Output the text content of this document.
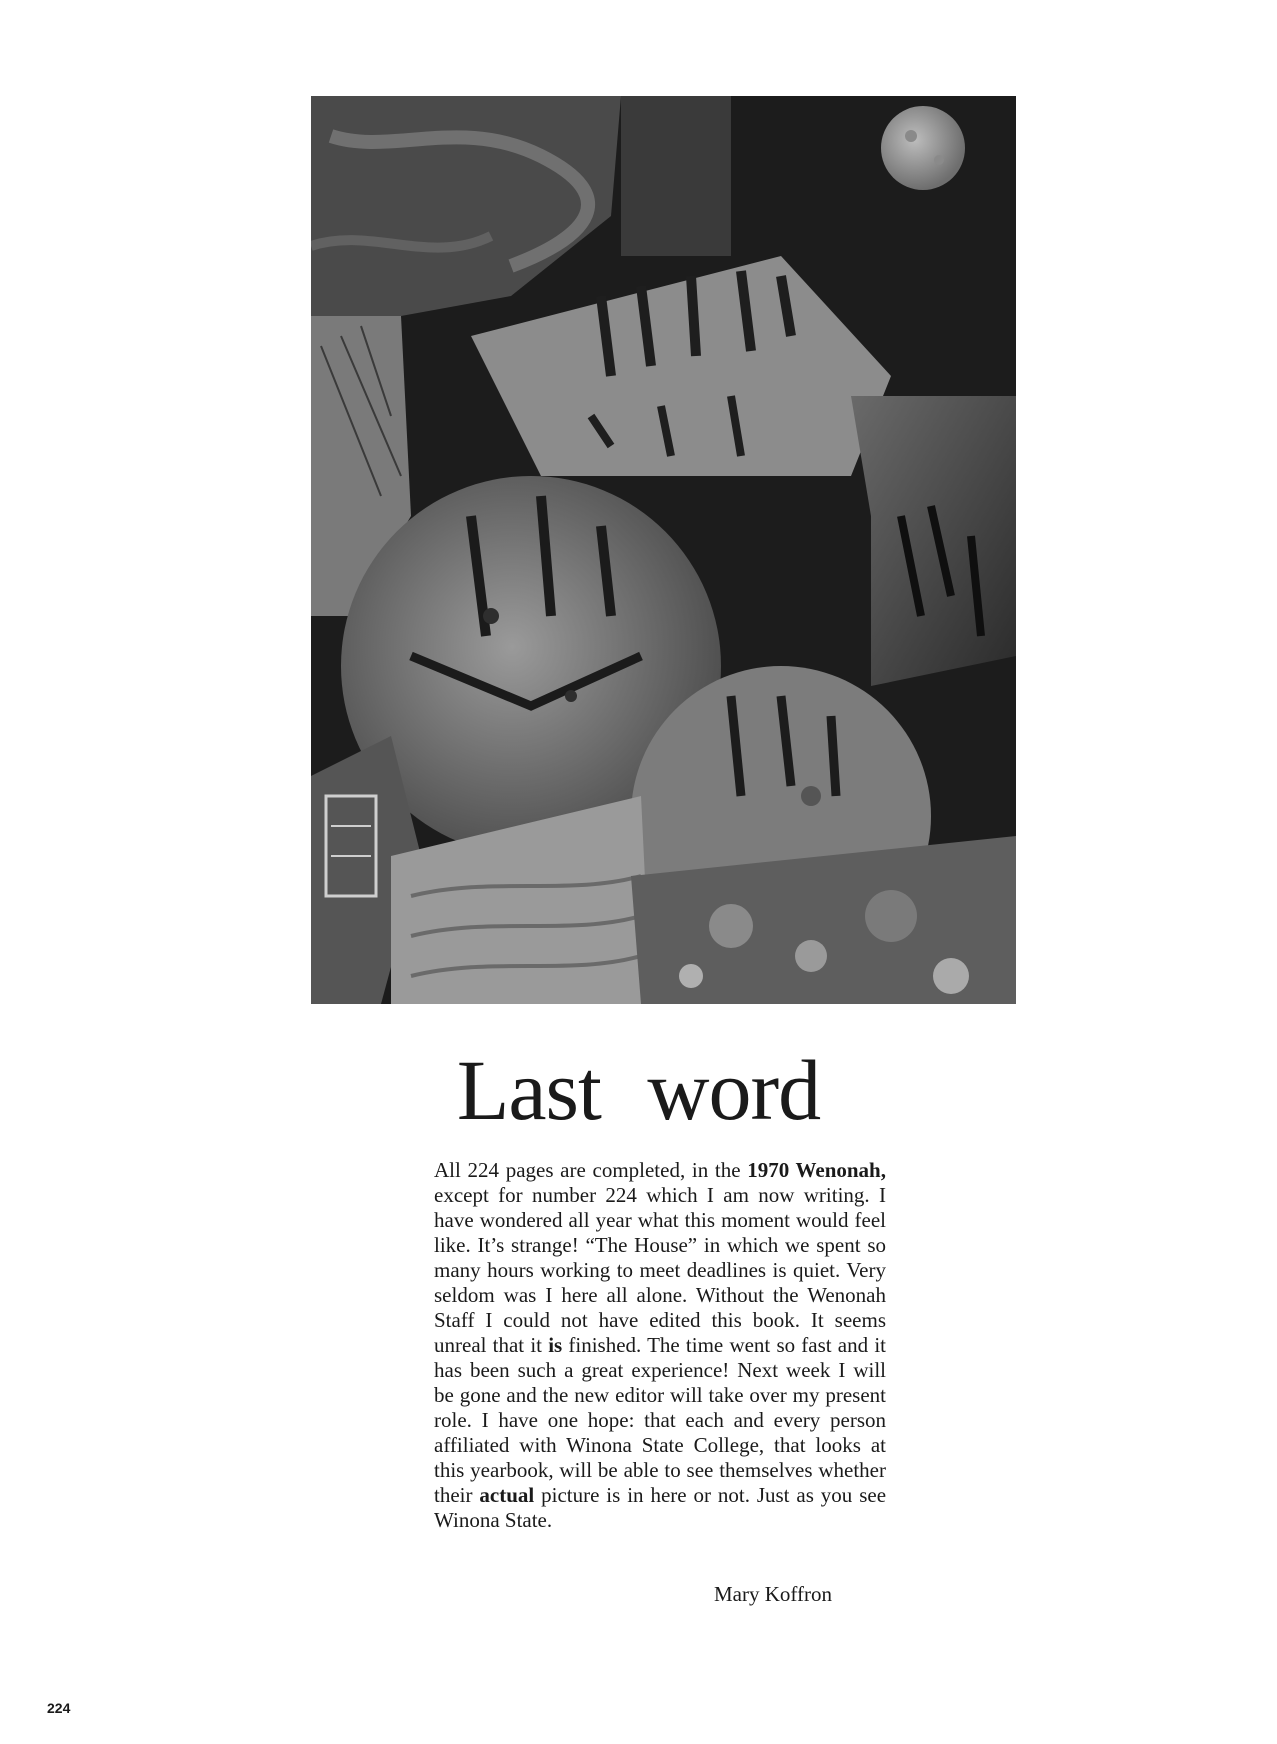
Last word

All 224 pages are completed, in the 1970 Wenonah, except for number 224 which I am now writing. I have wondered all year what this moment would feel like. It’s strange! “The House” in which we spent so many hours working to meet deadlines is quiet. Very seldom was I here all alone. Without the Wenonah Staff I could not have edited this book. It seems unreal that it is finished. The time went so fast and it has been such a great experience! Next week I will be gone and the new editor will take over my present role. I have one hope: that each and every person affiliated with Winona State College, that looks at this yearbook, will be able to see themselves whether their actual picture is in here or not. Just as you see Winona State.

Mary Koffron
224
